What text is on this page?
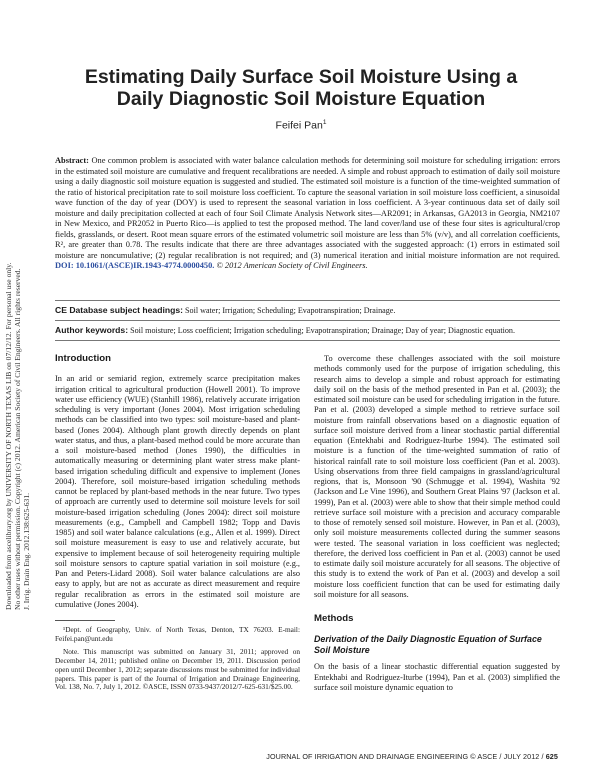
Downloaded from ascelibrary.org by UNIVERSITY OF NORTH TEXAS LIB on 07/12/12. For personal use only. No other uses without permission. Copyright (c) 2012. American Society of Civil Engineers. All rights reserved. J. Irrig. Drain Eng. 2012.138:625-631.
Estimating Daily Surface Soil Moisture Using a Daily Diagnostic Soil Moisture Equation
Feifei Pan$^1$
Abstract: One common problem is associated with water balance calculation methods for determining soil moisture for scheduling irrigation: errors in the estimated soil moisture are cumulative and frequent recalibrations are needed. A simple and robust approach to estimation of daily soil moisture using a daily diagnostic soil moisture equation is suggested and studied. The estimated soil moisture is a function of the time-weighted summation of the ratio of historical precipitation rate to soil moisture loss coefficient. To capture the seasonal variation in soil moisture loss coefficient, a sinusoidal wave function of the day of year (DOY) is used to represent the seasonal variation in loss coefficient. A 3-year continuous data set of daily soil moisture and daily precipitation collected at each of four Soil Climate Analysis Network sites—AR2091; in Arkansas, GA2013 in Georgia, NM2107 in New Mexico, and PR2052 in Puerto Rico—is applied to test the proposed method. The land cover/land use of these four sites is agricultural/crop fields, grasslands, or desert. Root mean square errors of the estimated volumetric soil moisture are less than 5% (v/v), and all correlation coefficients, R², are greater than 0.78. The results indicate that there are three advantages associated with the suggested approach: (1) errors in estimated soil moisture are noncumulative; (2) regular recalibration is not required; and (3) numerical iteration and initial moisture information are not required. DOI: 10.1061/(ASCE)IR.1943-4774.0000450. © 2012 American Society of Civil Engineers.
CE Database subject headings: Soil water; Irrigation; Scheduling; Evapotranspiration; Drainage.
Author keywords: Soil moisture; Loss coefficient; Irrigation scheduling; Evapotranspiration; Drainage; Day of year; Diagnostic equation.
Introduction

In an arid or semiarid region, extremely scarce precipitation makes irrigation critical to agricultural production (Howell 2001). To improve water use efficiency (WUE) (Stanhill 1986), relatively accurate irrigation scheduling is very important (Jones 2004). Most irrigation scheduling methods can be classified into two types: soil moisture-based and plant-based (Jones 2004). Although plant growth directly depends on plant water status, and thus, a plant-based method could be more accurate than a soil moisture-based method (Jones 1990), the difficulties in automatically measuring or determining plant water stress make plant-based irrigation scheduling difficult and expensive to implement (Jones 2004). Therefore, soil moisture-based irrigation scheduling methods cannot be replaced by plant-based methods in the near future. Two types of approach are currently used to determine soil moisture levels for soil moisture-based irrigation scheduling (Jones 2004): direct soil moisture measurements (e.g., Campbell and Campbell 1982; Topp and Davis 1985) and soil water balance calculations (e.g., Allen et al. 1999). Direct soil moisture measurement is easy to use and relatively accurate, but expensive to implement because of soil heterogeneity requiring multiple soil moisture sensors to capture spatial variation in soil moisture (e.g., Pan and Peters-Lidard 2008). Soil water balance calculations are also easy to apply, but are not as accurate as direct measurement and require regular recalibration as errors in the estimated soil moisture are cumulative (Jones 2004).

¹Dept. of Geography, Univ. of North Texas, Denton, TX 76203. E-mail: Feifei.pan@unt.edu

Note. This manuscript was submitted on January 31, 2011; approved on December 14, 2011; published online on December 19, 2011. Discussion period open until December 1, 2012; separate discussions must be submitted for individual papers. This paper is part of the Journal of Irrigation and Drainage Engineering, Vol. 138, No. 7, July 1, 2012. ©ASCE, ISSN 0733-9437/2012/7-625-631/$25.00.

To overcome these challenges associated with the soil moisture methods commonly used for the purpose of irrigation scheduling, this research aims to develop a simple and robust approach for estimating daily soil on the basis of the method presented in Pan et al. (2003); the estimated soil moisture can be used for scheduling irrigation in the future. Pan et al. (2003) developed a simple method to retrieve surface soil moisture from rainfall observations based on a diagnostic equation of surface soil moisture derived from a linear stochastic partial differential equation (Entekhabi and Rodriguez-Iturbe 1994). The estimated soil moisture is a function of the time-weighted summation of ratio of historical rainfall rate to soil moisture loss coefficient (Pan et al. 2003). Using observations from three field campaigns in grassland/agricultural regions, that is, Monsoon '90 (Schmugge et al. 1994), Washita '92 (Jackson and Le Vine 1996), and Southern Great Plains '97 (Jackson et al. 1999), Pan et al. (2003) were able to show that their simple method could retrieve surface soil moisture with a precision and accuracy comparable to those of remotely sensed soil moisture. However, in Pan et al. (2003), only soil moisture measurements collected during the summer seasons were tested. The seasonal variation in loss coefficient was neglected; therefore, the derived loss coefficient in Pan et al. (2003) cannot be used to estimate daily soil moisture accurately for all seasons. The objective of this study is to extend the work of Pan et al. (2003) and develop a soil moisture loss coefficient function that can be used for estimating daily soil moisture for all seasons.

Methods
Derivation of the Daily Diagnostic Equation of Surface Soil Moisture

On the basis of a linear stochastic differential equation suggested by Entekhabi and Rodriguez-Iturbe (1994), Pan et al. (2003) simplified the surface soil moisture dynamic equation to

JOURNAL OF IRRIGATION AND DRAINAGE ENGINEERING © ASCE / JULY 2012 / 625
